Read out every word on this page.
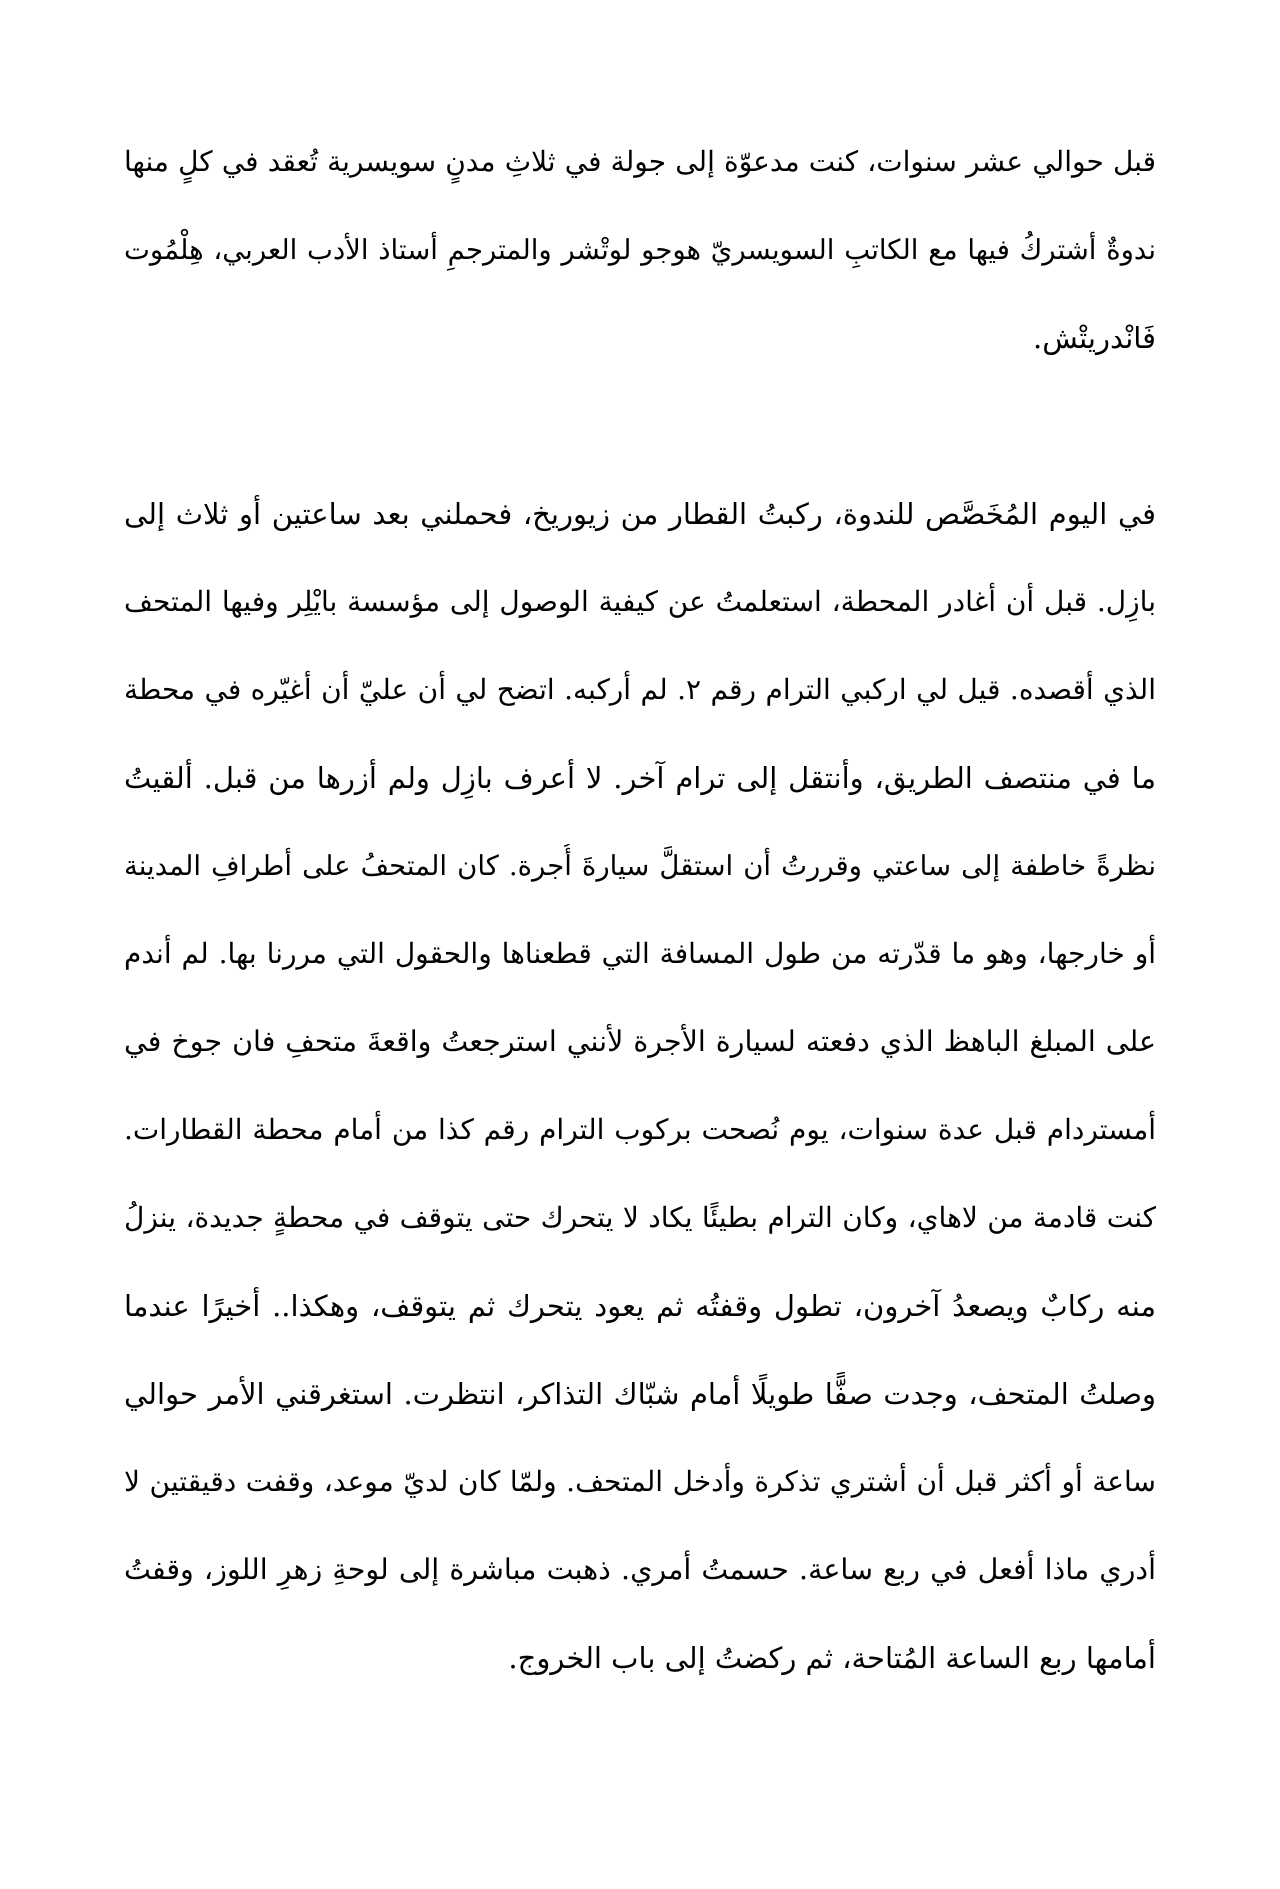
قبل حوالي عشر سنوات، كنت مدعوّة إلى جولة في ثلاثِ مدنٍ سويسرية تُعقد في كلٍ منها
ندوةٌ أشتركُ فيها مع الكاتبِ السويسريّ هوجو لوتْشر والمترجمِ أستاذ الأدب العربي، هِلْمُوت
فَانْدريتْش.
في اليوم المُخَصَّص للندوة، ركبتُ القطار من زيوريخ، فحملني بعد ساعتين أو ثلاث إلى
بازِل. قبل أن أغادر المحطة، استعلمتُ عن كيفية الوصول إلى مؤسسة بايْلِر وفيها المتحف
الذي أقصده. قيل لي اركبي الترام رقم ٢. لم أركبه. اتضح لي أن عليّ أن أغيّره في محطة
ما في منتصف الطريق، وأنتقل إلى ترام آخر. لا أعرف بازِل ولم أزرها من قبل. ألقيتُ
نظرةً خاطفة إلى ساعتي وقررتُ أن استقلَّ سيارةَ أُجرة. كان المتحفُ على أطرافِ المدينة
أو خارجها، وهو ما قدّرته من طول المسافة التي قطعناها والحقول التي مررنا بها. لم أندم
على المبلغ الباهظ الذي دفعته لسيارة الأجرة لأنني استرجعتُ واقعةَ متحفِ فان جوخ في
أمستردام قبل عدة سنوات، يوم نُصحت بركوب الترام رقم كذا من أمام محطة القطارات.
كنت قادمة من لاهاي، وكان الترام بطيئًا يكاد لا يتحرك حتى يتوقف في محطةٍ جديدة، ينزلُ
منه ركابٌ ويصعدُ آخرون، تطول وقفتُه ثم يعود يتحرك ثم يتوقف، وهكذا.. أخيرًا عندما
وصلتُ المتحف، وجدت صفًّا طويلًا أمام شبّاك التذاكر، انتظرت. استغرقني الأمر حوالي
ساعة أو أكثر قبل أن أشتري تذكرة وأدخل المتحف. ولمّا كان لديّ موعد، وقفت دقيقتين لا
أدري ماذا أفعل في ربع ساعة. حسمتُ أمري. ذهبت مباشرة إلى لوحةِ زهرِ اللوز، وقفتُ
أمامها ربع الساعة المُتاحة، ثم ركضتُ إلى باب الخروج.
